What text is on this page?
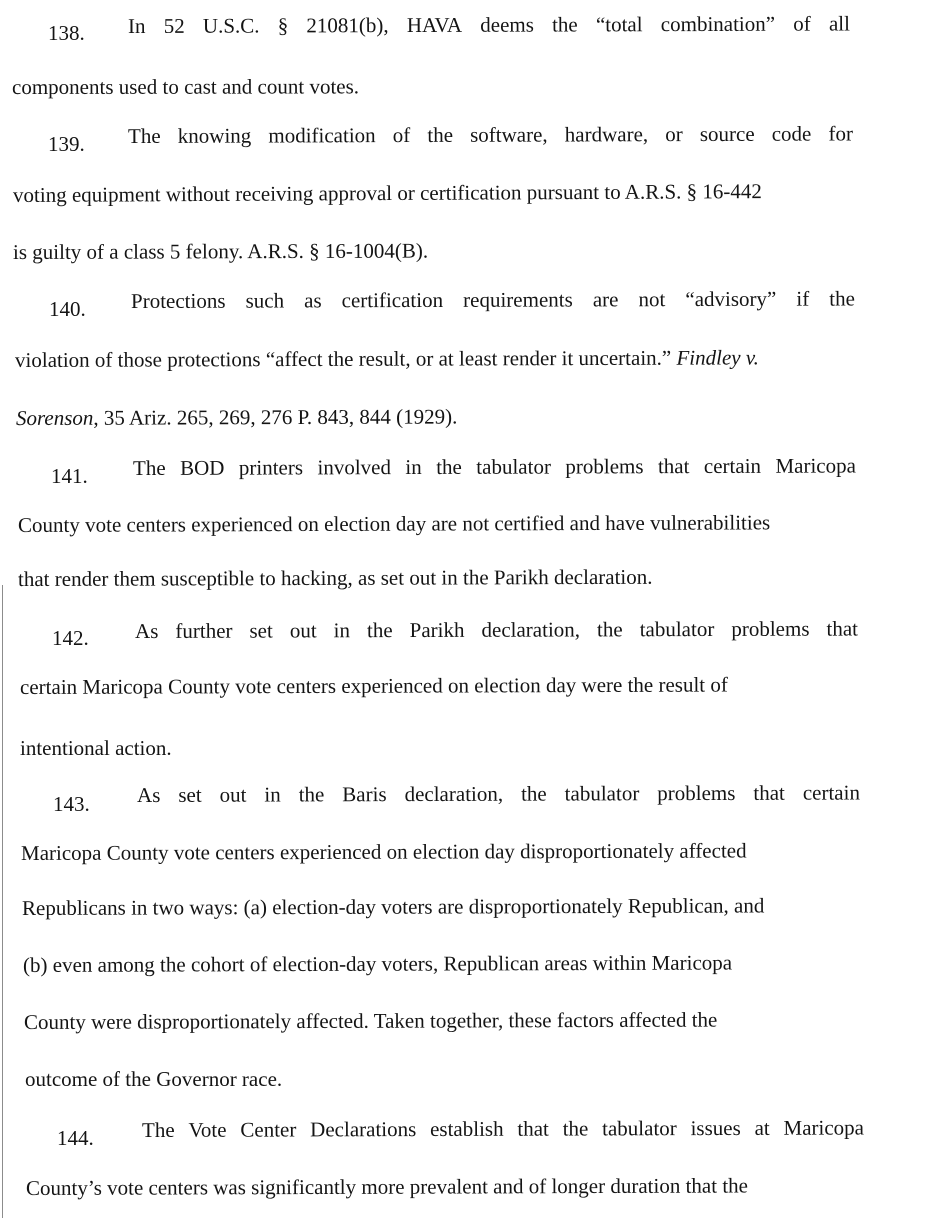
138. In 52 U.S.C. § 21081(b), HAVA deems the “total combination” of all
components used to cast and count votes.
139. The knowing modification of the software, hardware, or source code for
voting equipment without receiving approval or certification pursuant to A.R.S. § 16-442
is guilty of a class 5 felony. A.R.S. § 16-1004(B).
140. Protections such as certification requirements are not “advisory” if the
violation of those protections “affect the result, or at least render it uncertain.” Findley v.
Sorenson, 35 Ariz. 265, 269, 276 P. 843, 844 (1929).
141. The BOD printers involved in the tabulator problems that certain Maricopa
County vote centers experienced on election day are not certified and have vulnerabilities
that render them susceptible to hacking, as set out in the Parikh declaration.
142. As further set out in the Parikh declaration, the tabulator problems that
certain Maricopa County vote centers experienced on election day were the result of
intentional action.
143. As set out in the Baris declaration, the tabulator problems that certain
Maricopa County vote centers experienced on election day disproportionately affected
Republicans in two ways: (a) election-day voters are disproportionately Republican, and
(b) even among the cohort of election-day voters, Republican areas within Maricopa
County were disproportionately affected. Taken together, these factors affected the
outcome of the Governor race.
144. The Vote Center Declarations establish that the tabulator issues at Maricopa
County’s vote centers was significantly more prevalent and of longer duration that the
